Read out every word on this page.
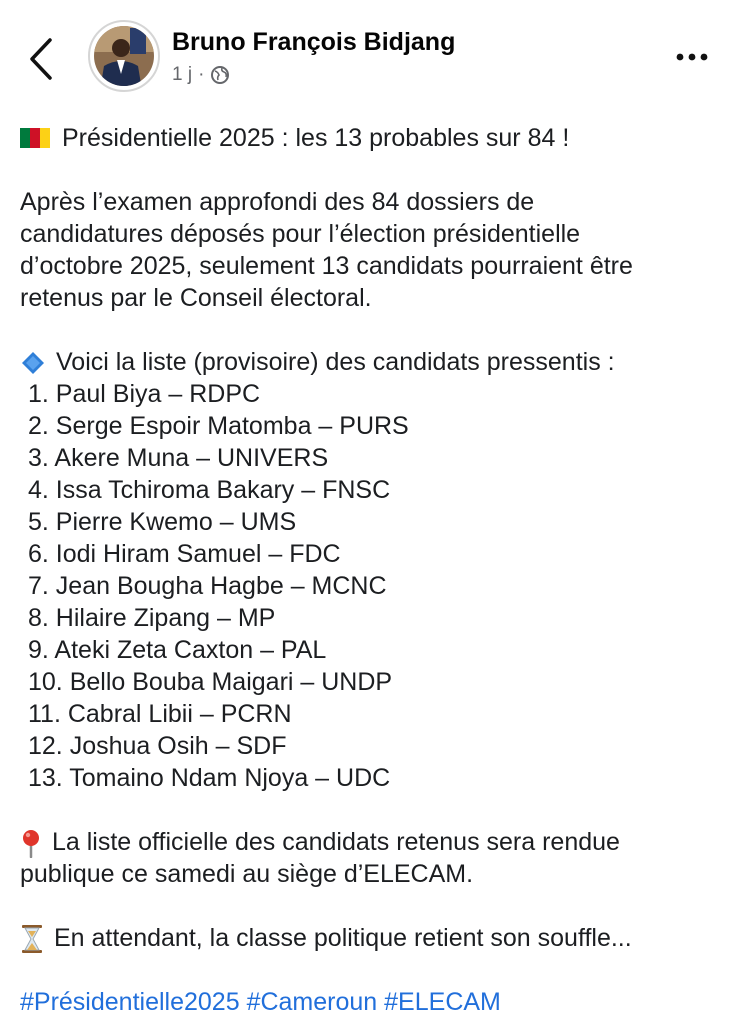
Bruno François Bidjang
1 j ·
Présidentielle 2025 : les 13 probables sur 84 !
Après l’examen approfondi des 84 dossiers de
candidatures déposés pour l’élection présidentielle
d’octobre 2025, seulement 13 candidats pourraient être
retenus par le Conseil électoral.
Voici la liste (provisoire) des candidats pressentis :
1. Paul Biya – RDPC
2. Serge Espoir Matomba – PURS
3. Akere Muna – UNIVERS
4. Issa Tchiroma Bakary – FNSC
5. Pierre Kwemo – UMS
6. Iodi Hiram Samuel – FDC
7. Jean Bougha Hagbe – MCNC
8. Hilaire Zipang – MP
9. Ateki Zeta Caxton – PAL
10. Bello Bouba Maigari – UNDP
11. Cabral Libii – PCRN
12. Joshua Osih – SDF
13. Tomaino Ndam Njoya – UDC
La liste officielle des candidats retenus sera rendue
publique ce samedi au siège d’ELECAM.
En attendant, la classe politique retient son souffle...
#Présidentielle2025 #Cameroun #ELECAM
